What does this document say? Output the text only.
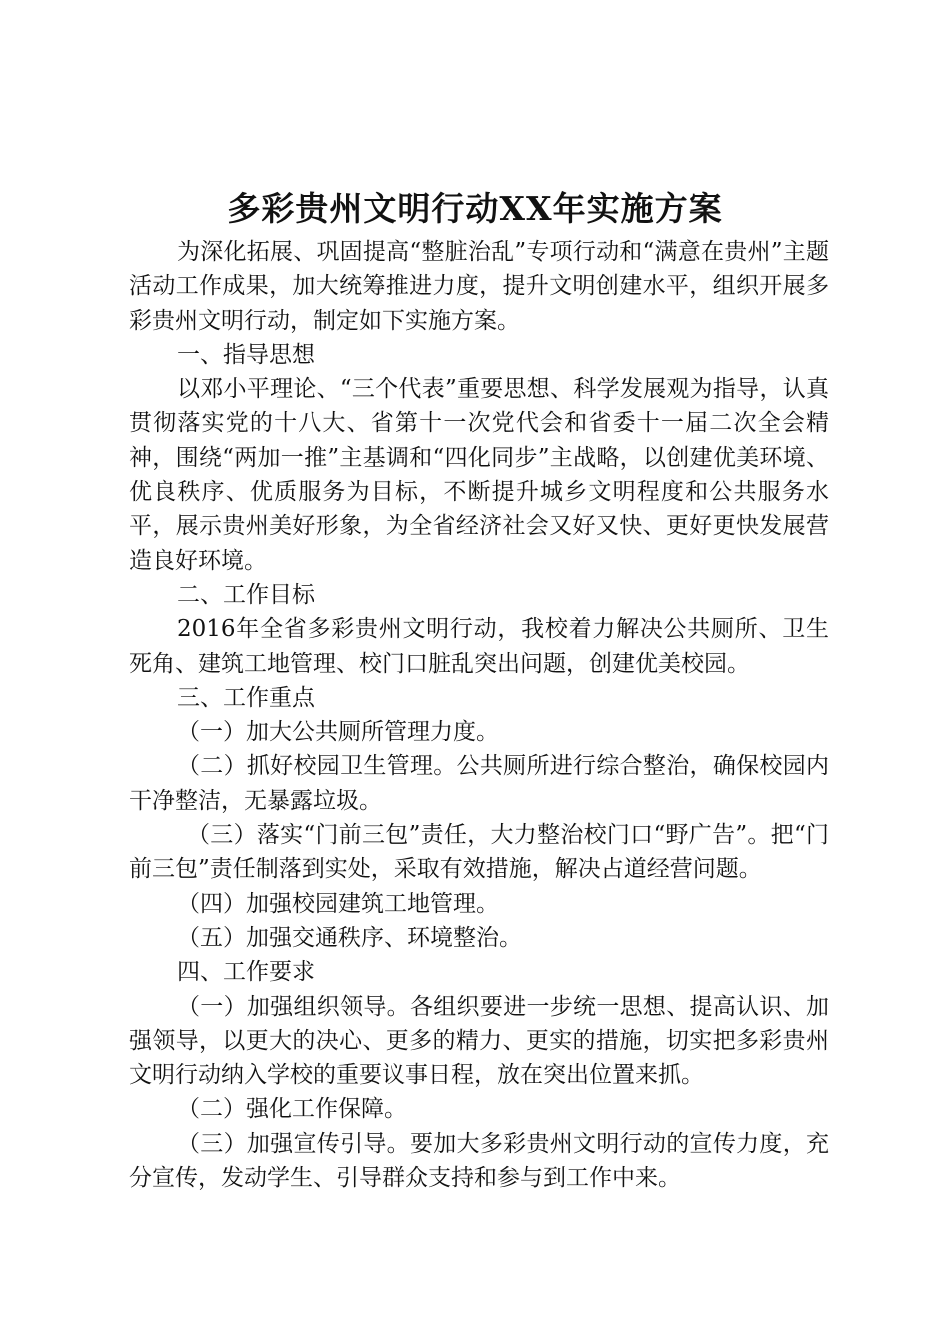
多彩贵州文明行动XX年实施方案

为深化拓展、巩固提高“整脏治乱”专项行动和“满意在贵州”主题活动工作成果，加大统筹推进力度，提升文明创建水平，组织开展多彩贵州文明行动，制定如下实施方案。

一、指导思想

以邓小平理论、“三个代表”重要思想、科学发展观为指导，认真贯彻落实党的十八大、省第十一次党代会和省委十一届二次全会精神，围绕“两加一推”主基调和“四化同步”主战略，以创建优美环境、优良秩序、优质服务为目标，不断提升城乡文明程度和公共服务水平，展示贵州美好形象，为全省经济社会又好又快、更好更快发展营造良好环境。

二、工作目标

2016年全省多彩贵州文明行动，我校着力解决公共厕所、卫生死角、建筑工地管理、校门口脏乱突出问题，创建优美校园。

三、工作重点

（一）加大公共厕所管理力度。

（二）抓好校园卫生管理。公共厕所进行综合整治，确保校园内干净整洁，无暴露垃圾。

（三）落实“门前三包”责任，大力整治校门口“野广告”。把“门前三包”责任制落到实处，采取有效措施，解决占道经营问题。

（四）加强校园建筑工地管理。

（五）加强交通秩序、环境整治。

四、工作要求

（一）加强组织领导。各组织要进一步统一思想、提高认识、加强领导，以更大的决心、更多的精力、更实的措施，切实把多彩贵州文明行动纳入学校的重要议事日程，放在突出位置来抓。

（二）强化工作保障。

（三）加强宣传引导。要加大多彩贵州文明行动的宣传力度，充分宣传，发动学生、引导群众支持和参与到工作中来。
